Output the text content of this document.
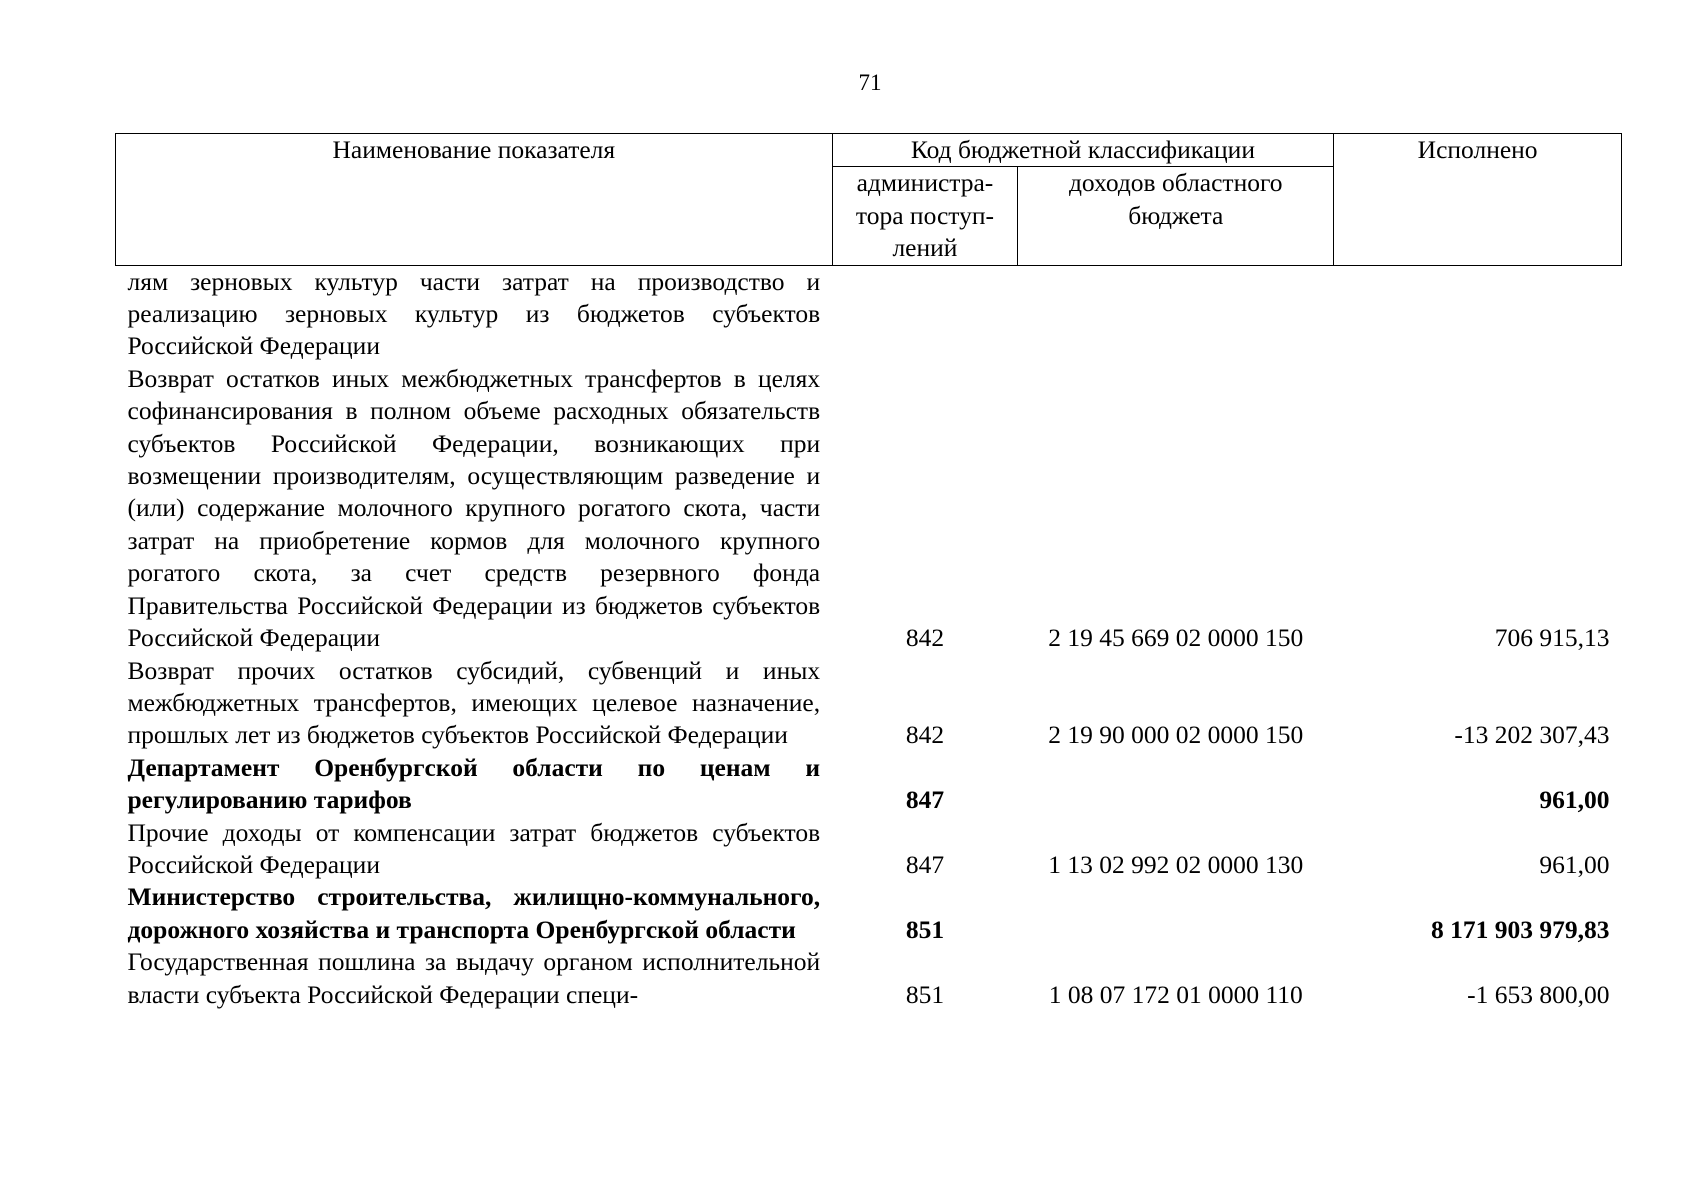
71
Наименование показателя	Код бюджетной классификации		Исполнено
	администра-тора поступ-лений	доходов областного бюджета	
лям зерновых культур части затрат на производство и реализацию зерновых культур из бюджетов субъектов Российской Федерации			
Возврат остатков иных межбюджетных трансфертов в целях софинансирования в полном объеме расходных обязательств субъектов Российской Федерации, возникающих при возмещении производителям, осуществляющим разведение и (или) содержание молочного крупного рогатого скота, части затрат на приобретение кормов для молочного крупного рогатого скота, за счет средств резервного фонда Правительства Российской Федерации из бюджетов субъектов Российской Федерации	842	2 19 45 669 02 0000 150	706 915,13
Возврат прочих остатков субсидий, субвенций и иных межбюджетных трансфертов, имеющих целевое назначение, прошлых лет из бюджетов субъектов Российской Федерации	842	2 19 90 000 02 0000 150	-13 202 307,43
Департамент Оренбургской области по ценам и регулированию тарифов	847		961,00
Прочие доходы от компенсации затрат бюджетов субъектов Российской Федерации	847	1 13 02 992 02 0000 130	961,00
Министерство строительства, жилищно-коммунального, дорожного хозяйства и транспорта Оренбургской области	851		8 171 903 979,83
Государственная пошлина за выдачу органом исполнительной власти субъекта Российской Федерации специ-	851	1 08 07 172 01 0000 110	-1 653 800,00
